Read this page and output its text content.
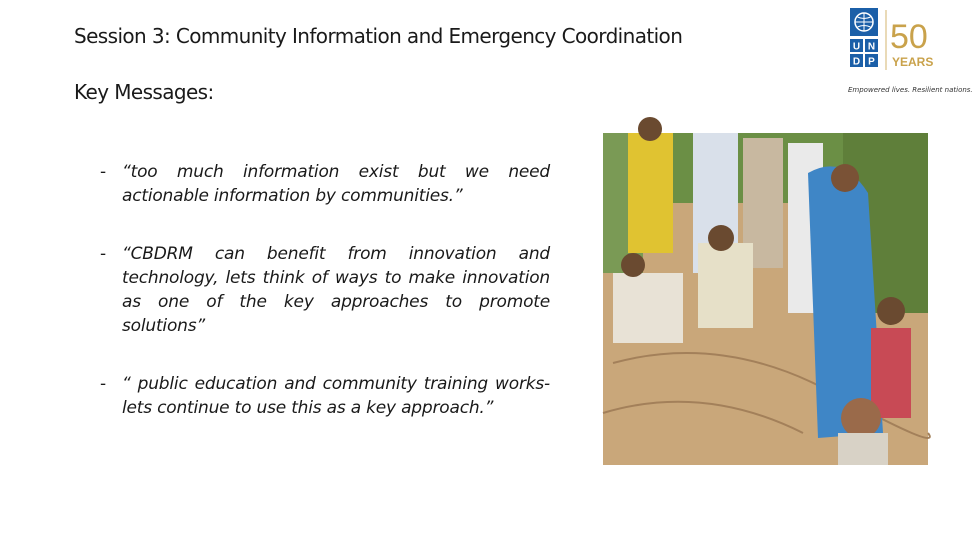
Session 3: Community Information and Emergency Coordination
Key Messages:
- “too much information exist but we need actionable information by communities.”
- “CBDRM can benefit from innovation and technology, lets think of ways to make innovation as one of the key approaches to promote solutions”
- “ public education and community training works- lets continue to use this as a key approach.”
U N
D P
50
YEARS
Empowered lives. Resilient nations.
